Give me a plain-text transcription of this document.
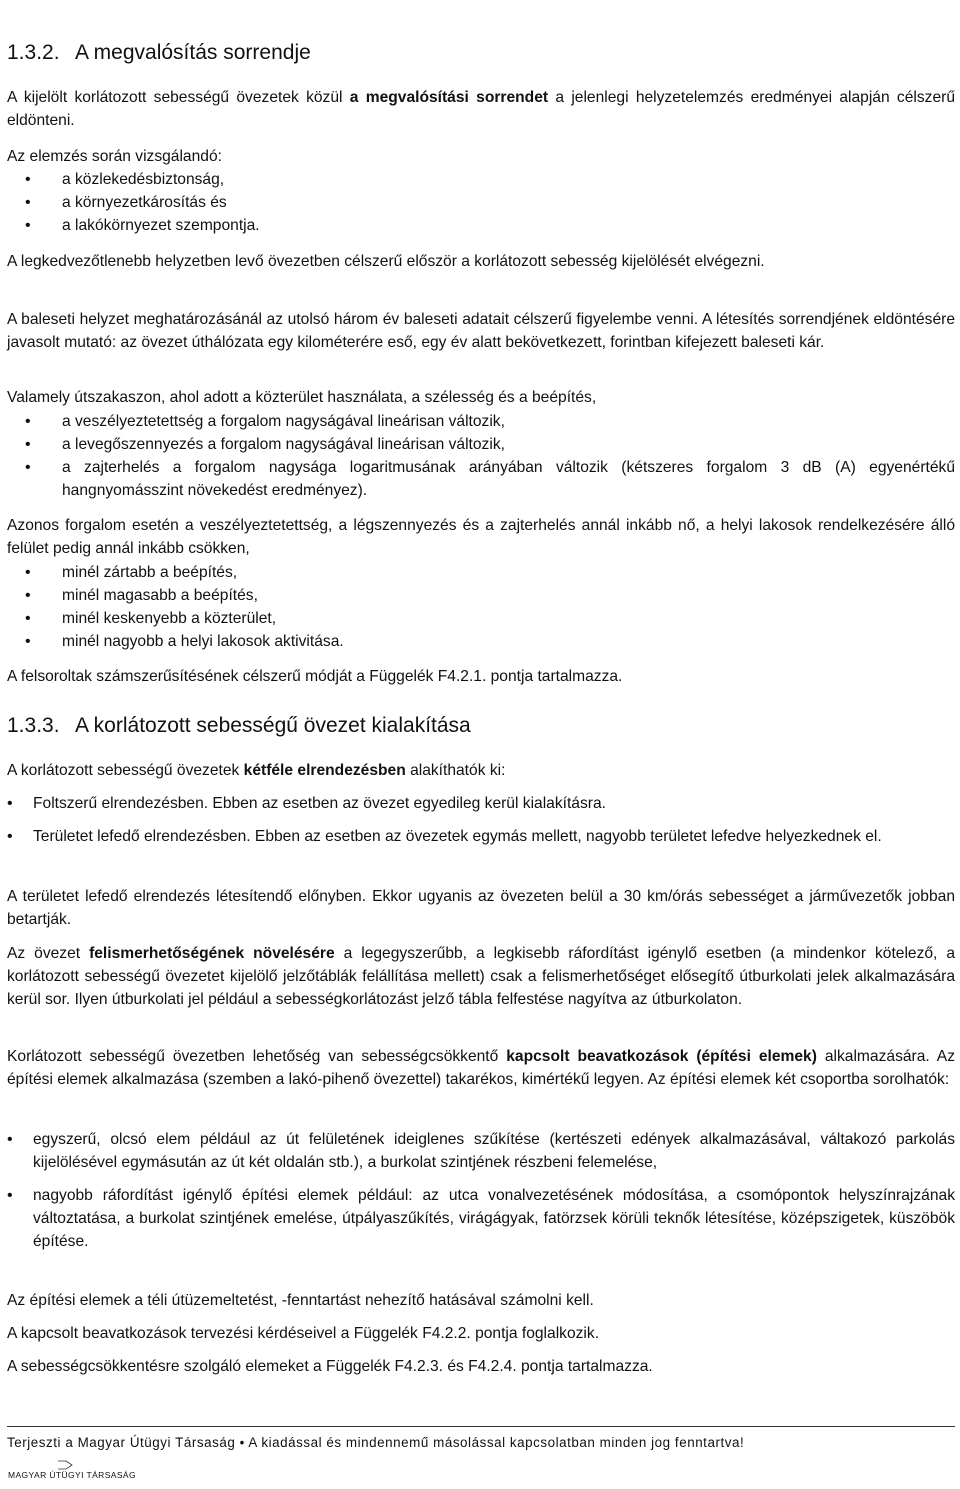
1.3.2. A megvalósítás sorrendje

A kijelölt korlátozott sebességű övezetek közül a megvalósítási sorrendet a jelenlegi helyzetelemzés eredményei alapján célszerű eldönteni.

Az elemzés során vizsgálandó:

• a közlekedésbiztonság,
• a környezetkárosítás és
• a lakókörnyezet szempontja.

A legkedvezőtlenebb helyzetben levő övezetben célszerű először a korlátozott sebesség kijelölését elvégezni.

A baleseti helyzet meghatározásánál az utolsó három év baleseti adatait célszerű figyelembe venni. A létesítés sorrendjének eldöntésére javasolt mutató: az övezet úthálózata egy kilométerére eső, egy év alatt bekövetkezett, forintban kifejezett baleseti kár.

Valamely útszakaszon, ahol adott a közterület használata, a szélesség és a beépítés,

• a veszélyeztetettség a forgalom nagyságával lineárisan változik,
• a levegőszennyezés a forgalom nagyságával lineárisan változik,
• a zajterhelés a forgalom nagysága logaritmusának arányában változik (kétszeres forgalom 3 dB (A) egyenértékű hangnyomásszint növekedést eredményez).

Azonos forgalom esetén a veszélyeztetettség, a légszennyezés és a zajterhelés annál inkább nő, a helyi lakosok rendelkezésére álló felület pedig annál inkább csökken,

• minél zártabb a beépítés,
• minél magasabb a beépítés,
• minél keskenyebb a közterület,
• minél nagyobb a helyi lakosok aktivitása.

A felsoroltak számszerűsítésének célszerű módját a Függelék F4.2.1. pontja tartalmazza.

1.3.3. A korlátozott sebességű övezet kialakítása

A korlátozott sebességű övezetek kétféle elrendezésben alakíthatók ki:

• Foltszerű elrendezésben. Ebben az esetben az övezet egyedileg kerül kialakításra.
• Területet lefedő elrendezésben. Ebben az esetben az övezetek egymás mellett, nagyobb területet lefedve helyezkednek el.

A területet lefedő elrendezés létesítendő előnyben. Ekkor ugyanis az övezeten belül a 30 km/órás sebességet a járművezetők jobban betartják.

Az övezet felismerhetőségének növelésére a legegyszerűbb, a legkisebb ráfordítást igénylő esetben (a mindenkor kötelező, a korlátozott sebességű övezetet kijelölő jelzőtáblák felállítása mellett) csak a felismerhetőséget elősegítő útburkolati jelek alkalmazására kerül sor. Ilyen útburkolati jel például a sebességkorlátozást jelző tábla felfestése nagyítva az útburkolaton.

Korlátozott sebességű övezetben lehetőség van sebességcsökkentő kapcsolt beavatkozások (építési elemek) alkalmazására. Az építési elemek alkalmazása (szemben a lakó-pihenő övezettel) takarékos, kimértékű legyen. Az építési elemek két csoportba sorolhatók:

• egyszerű, olcsó elem például az út felületének ideiglenes szűkítése (kertészeti edények alkalmazásával, váltakozó parkolás kijelölésével egymásután az út két oldalán stb.), a burkolat szintjének részbeni felemelése,
• nagyobb ráfordítást igénylő építési elemek például: az utca vonalvezetésének módosítása, a csomópontok helyszínrajzának változtatása, a burkolat szintjének emelése, útpályaszűkítés, virágágyak, fatörzsek körüli teknők létesítése, középszigetek, küszöbök építése.

Az építési elemek a téli útüzemeltetést, -fenntartást nehezítő hatásával számolni kell.

A kapcsolt beavatkozások tervezési kérdéseivel a Függelék F4.2.2. pontja foglalkozik.

A sebességcsökkentésre szolgáló elemeket a Függelék F4.2.3. és F4.2.4. pontja tartalmazza.

Terjeszti a Magyar Útügyi Társaság • A kiadással és mindennemű másolással kapcsolatban minden jog fenntartva!
MAGYAR ÚTÜGYI TÁRSASÁG
